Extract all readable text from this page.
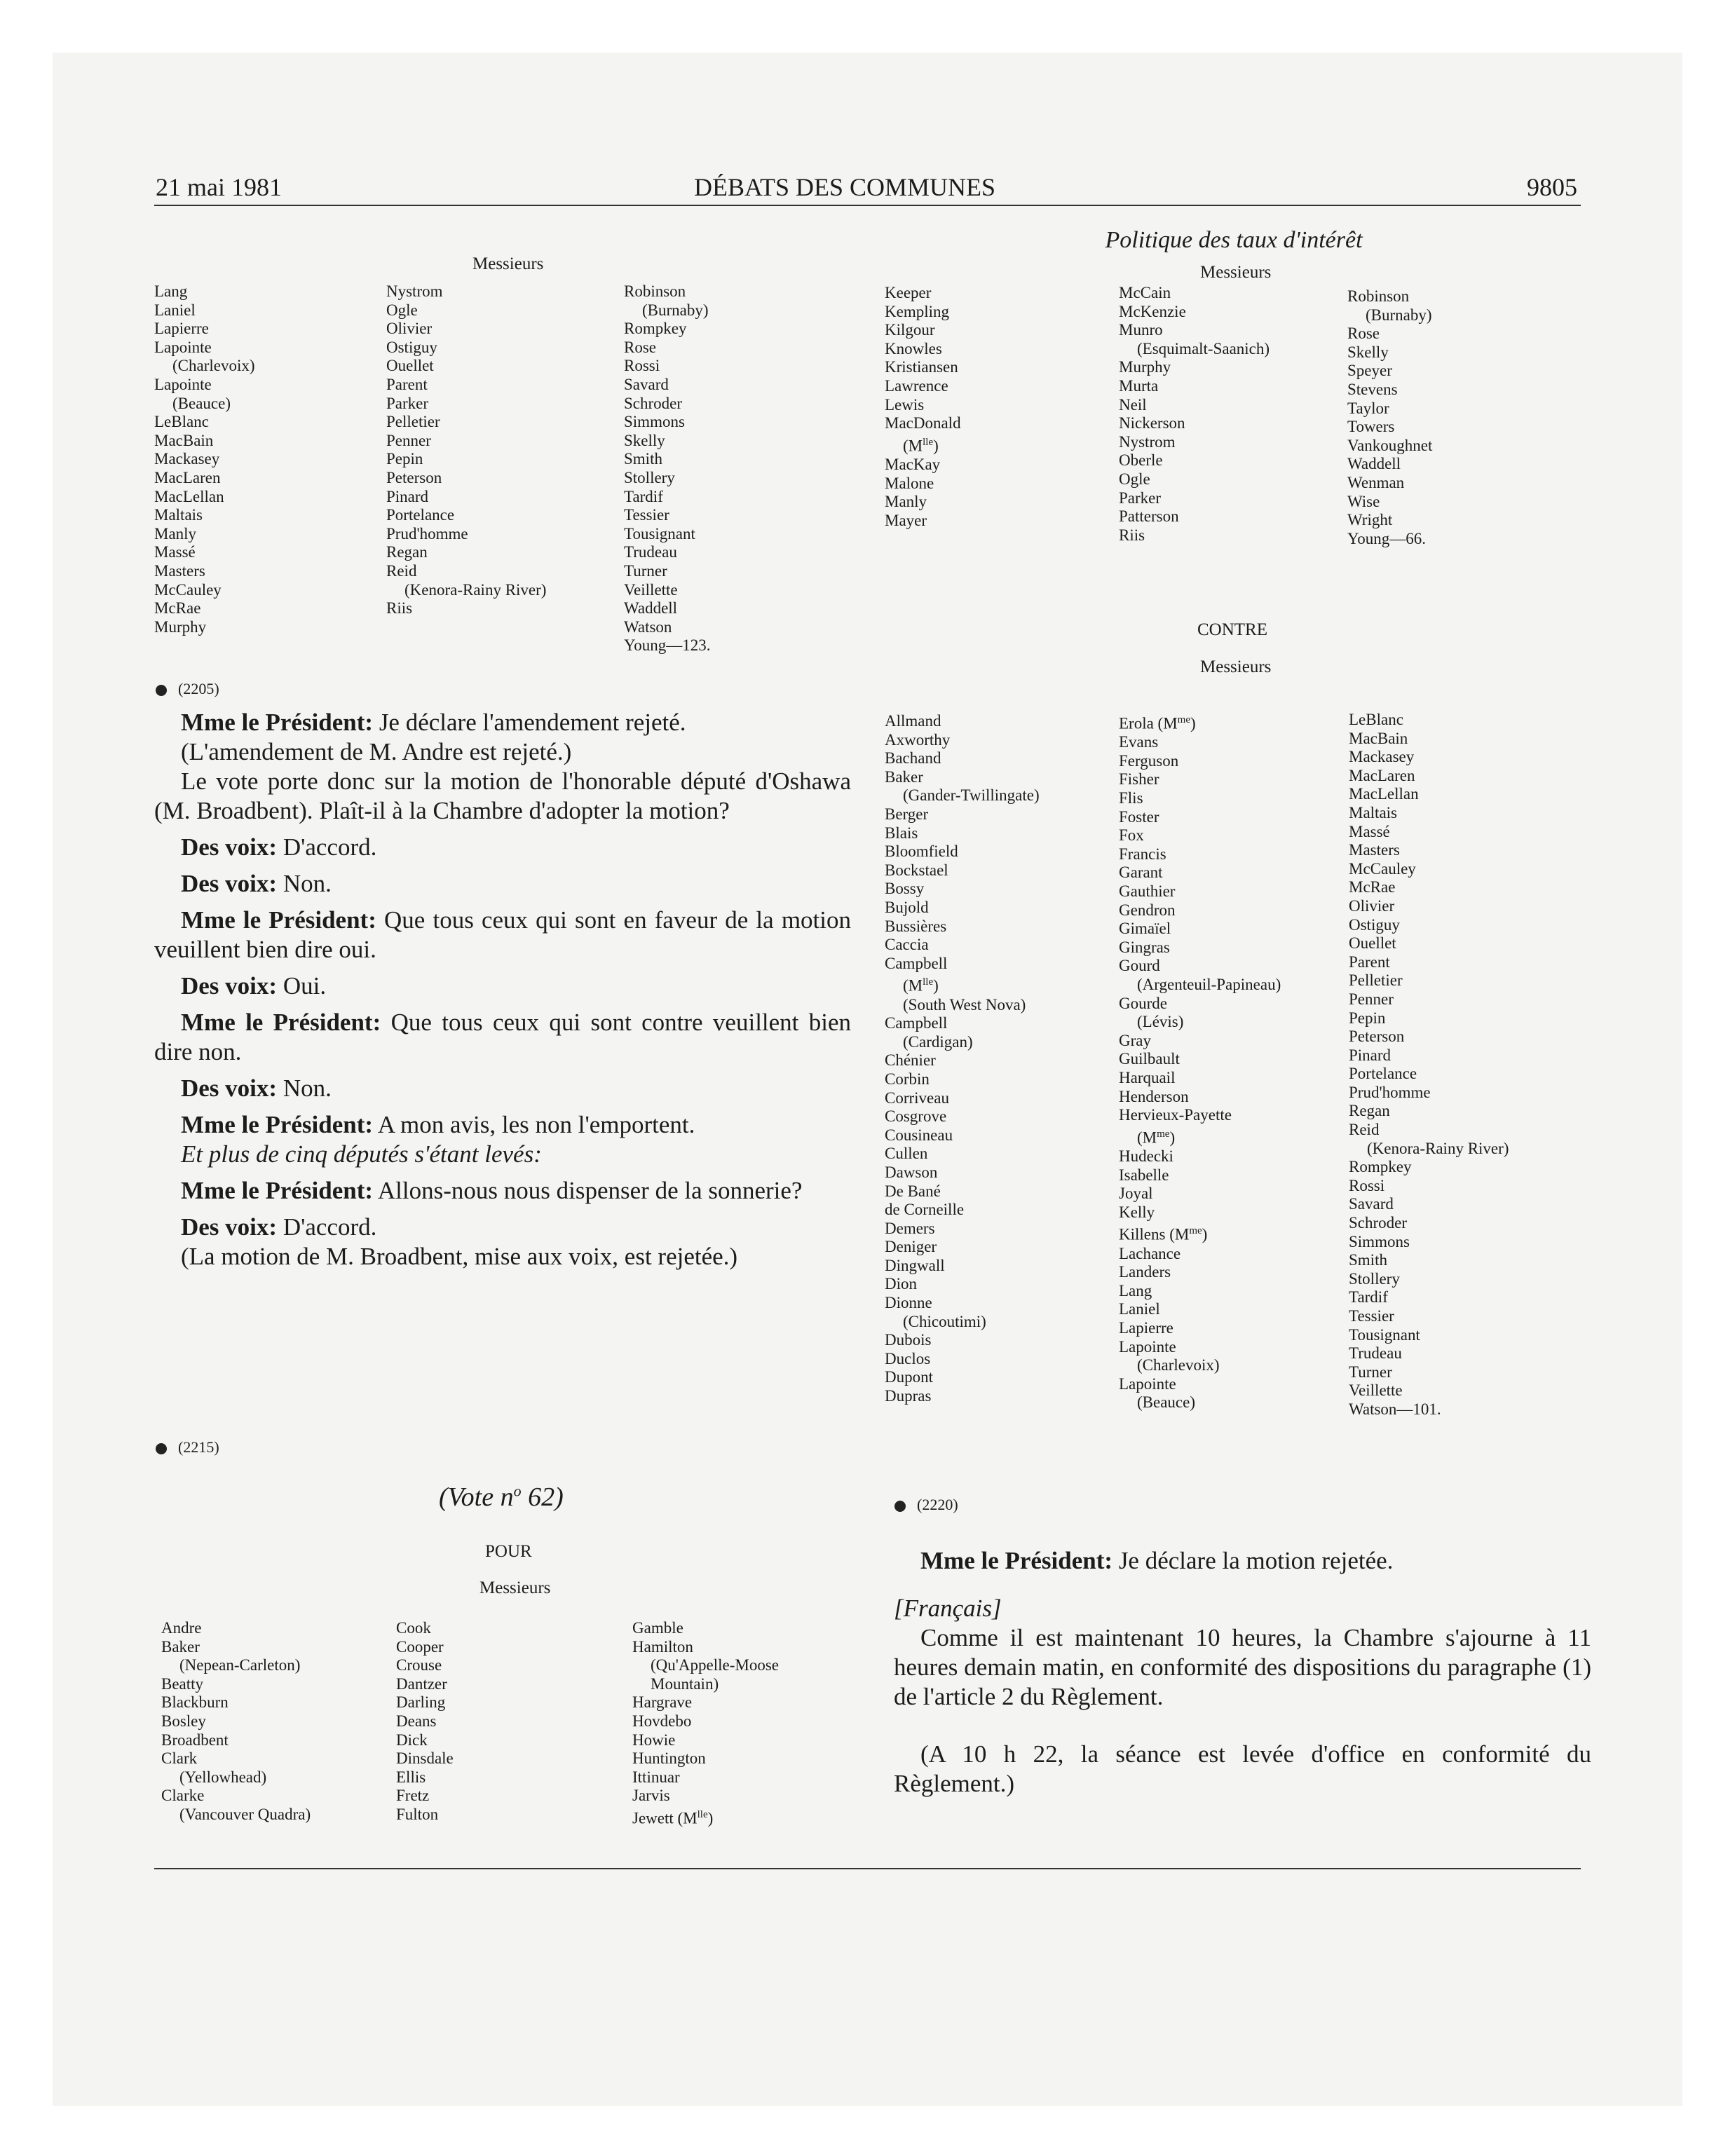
21 mai 1981	DÉBATS DES COMMUNES	9805
Messieurs
Lang
Laniel
Lapierre
Lapointe
(Charlevoix)
Lapointe
(Beauce)
LeBlanc
MacBain
Mackasey
MacLaren
MacLellan
Maltais
Manly
Massé
Masters
McCauley
McRae
Murphy
Nystrom
Ogle
Olivier
Ostiguy
Ouellet
Parent
Parker
Pelletier
Penner
Pepin
Peterson
Pinard
Portelance
Prud'homme
Regan
Reid
(Kenora-Rainy River)
Riis
Robinson
(Burnaby)
Rompkey
Rose
Rossi
Savard
Schroder
Simmons
Skelly
Smith
Stollery
Tardif
Tessier
Tousignant
Trudeau
Turner
Veillette
Waddell
Watson
Young—123.
Politique des taux d'intérêt
Messieurs
Keeper
Kempling
Kilgour
Knowles
Kristiansen
Lawrence
Lewis
MacDonald
$(M^{lle})$
MacKay
Malone
Manly
Mayer
McCain
McKenzie
Munro
(Esquimalt-Saanich)
Murphy
Murta
Neil
Nickerson
Nystrom
Oberle
Ogle
Parker
Patterson
Riis
Robinson
(Burnaby)
Rose
Skelly
Speyer
Stevens
Taylor
Towers
Vankoughnet
Waddell
Wenman
Wise
Wright
Young—66.
CONTRE
Messieurs
Allmand
Axworthy
Bachand
Baker
(Gander-Twillingate)
Berger
Blais
Bloomfield
Bockstael
Bossy
Bujold
Bussières
Caccia
Campbell
$(M^{lle})$
(South West Nova)
Campbell
(Cardigan)
Chénier
Corbin
Corriveau
Cosgrove
Cousineau
Cullen
Dawson
De Bané
de Corneille
Demers
Deniger
Dingwall
Dion
Dionne
(Chicoutimi)
Dubois
Duclos
Dupont
Dupras
Erola $(M^{me})$
Evans
Ferguson
Fisher
Flis
Foster
Fox
Francis
Garant
Gauthier
Gendron
Gimaïel
Gingras
Gourd
(Argenteuil-Papineau)
Gourde
(Lévis)
Gray
Guilbault
Harquail
Henderson
Hervieux-Payette
$(M^{me})$
Hudecki
Isabelle
Joyal
Kelly
Killens $(M^{me})$
Lachance
Landers
Lang
Laniel
Lapierre
Lapointe
(Charlevoix)
Lapointe
(Beauce)
LeBlanc
MacBain
Mackasey
MacLaren
MacLellan
Maltais
Massé
Masters
McCauley
McRae
Olivier
Ostiguy
Ouellet
Parent
Pelletier
Penner
Pepin
Peterson
Pinard
Portelance
Prud'homme
Regan
Reid
(Kenora-Rainy River)
Rompkey
Rossi
Savard
Schroder
Simmons
Smith
Stollery
Tardif
Tessier
Tousignant
Trudeau
Turner
Veillette
Watson—101.
(2205)

Mme le Président: Je déclare l'amendement rejeté.

(L'amendement de M. Andre est rejeté.)

Le vote porte donc sur la motion de l'honorable député d'Oshawa (M. Broadbent). Plaît-il à la Chambre d'adopter la motion?

Des voix: D'accord.

Des voix: Non.

Mme le Président: Que tous ceux qui sont en faveur de la motion veuillent bien dire oui.

Des voix: Oui.

Mme le Président: Que tous ceux qui sont contre veuillent bien dire non.

Des voix: Non.

Mme le Président: A mon avis, les non l'emportent.

Et plus de cinq députés s'étant levés:

Mme le Président: Allons-nous nous dispenser de la sonnerie?

Des voix: D'accord.

(La motion de M. Broadbent, mise aux voix, est rejetée.)

(2215)
(Vote $n^o$ 62)
POUR
Messieurs
Andre
Baker
(Nepean-Carleton)
Beatty
Blackburn
Bosley
Broadbent
Clark
(Yellowhead)
Clarke
(Vancouver Quadra)
Cook
Cooper
Crouse
Dantzer
Darling
Deans
Dick
Dinsdale
Ellis
Fretz
Fulton
Gamble
Hamilton
(Qu'Appelle-Moose
Mountain)
Hargrave
Hovdebo
Howie
Huntington
Ittinuar
Jarvis
Jewett $(M^{lle})$
(2220)

Mme le Président: Je déclare la motion rejetée.

[Français]

Comme il est maintenant 10 heures, la Chambre s'ajourne à 11 heures demain matin, en conformité des dispositions du paragraphe (1) de l'article 2 du Règlement.

(A 10 h 22, la séance est levée d'office en conformité du Règlement.)
